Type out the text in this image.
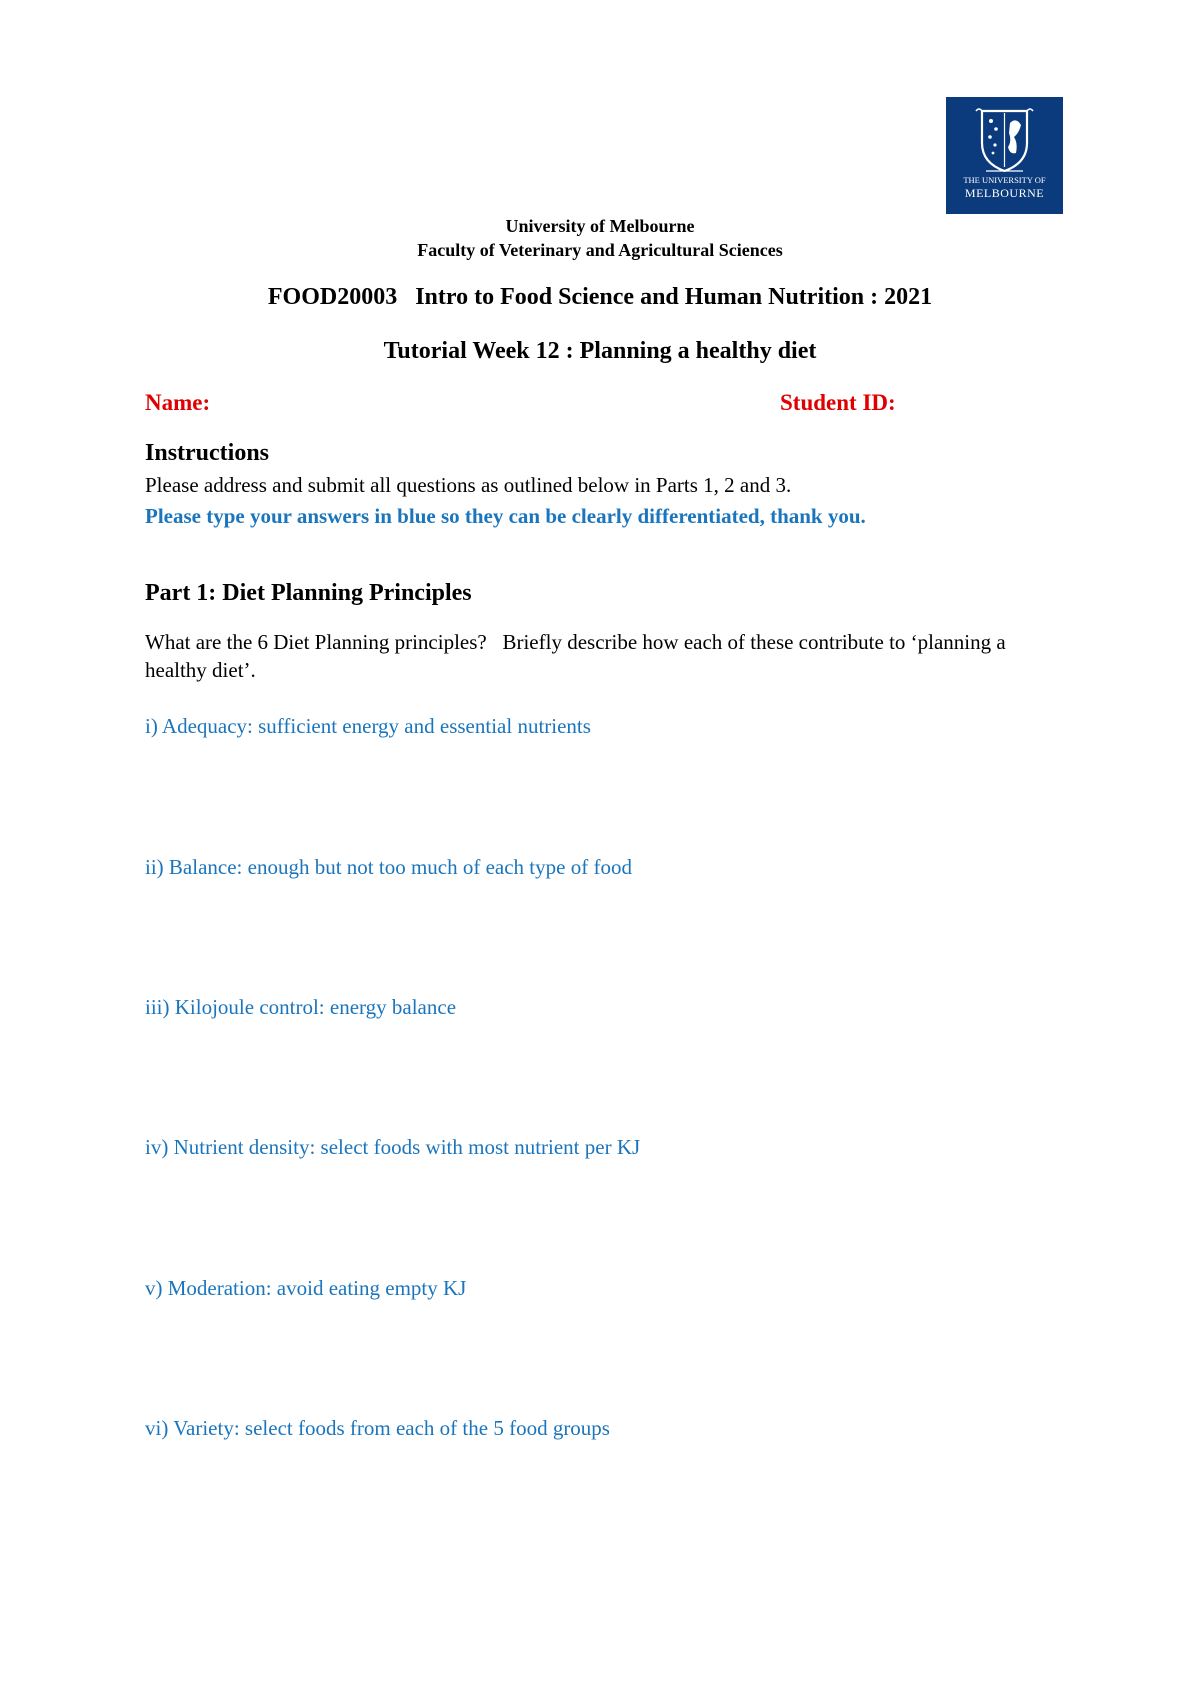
THE UNIVERSITY OF
MELBOURNE
University of Melbourne
Faculty of Veterinary and Agricultural Sciences
FOOD20003   Intro to Food Science and Human Nutrition : 2021
Tutorial Week 12 : Planning a healthy diet
Name:	Student ID:
Instructions
Please address and submit all questions as outlined below in Parts 1, 2 and 3.
Please type your answers in blue so they can be clearly differentiated, thank you.
Part 1: Diet Planning Principles
What are the 6 Diet Planning principles?   Briefly describe how each of these contribute to ‘planning a healthy diet’.
i) Adequacy: sufficient energy and essential nutrients
ii) Balance: enough but not too much of each type of food
iii) Kilojoule control: energy balance
iv) Nutrient density: select foods with most nutrient per KJ
v) Moderation: avoid eating empty KJ
vi) Variety: select foods from each of the 5 food groups
